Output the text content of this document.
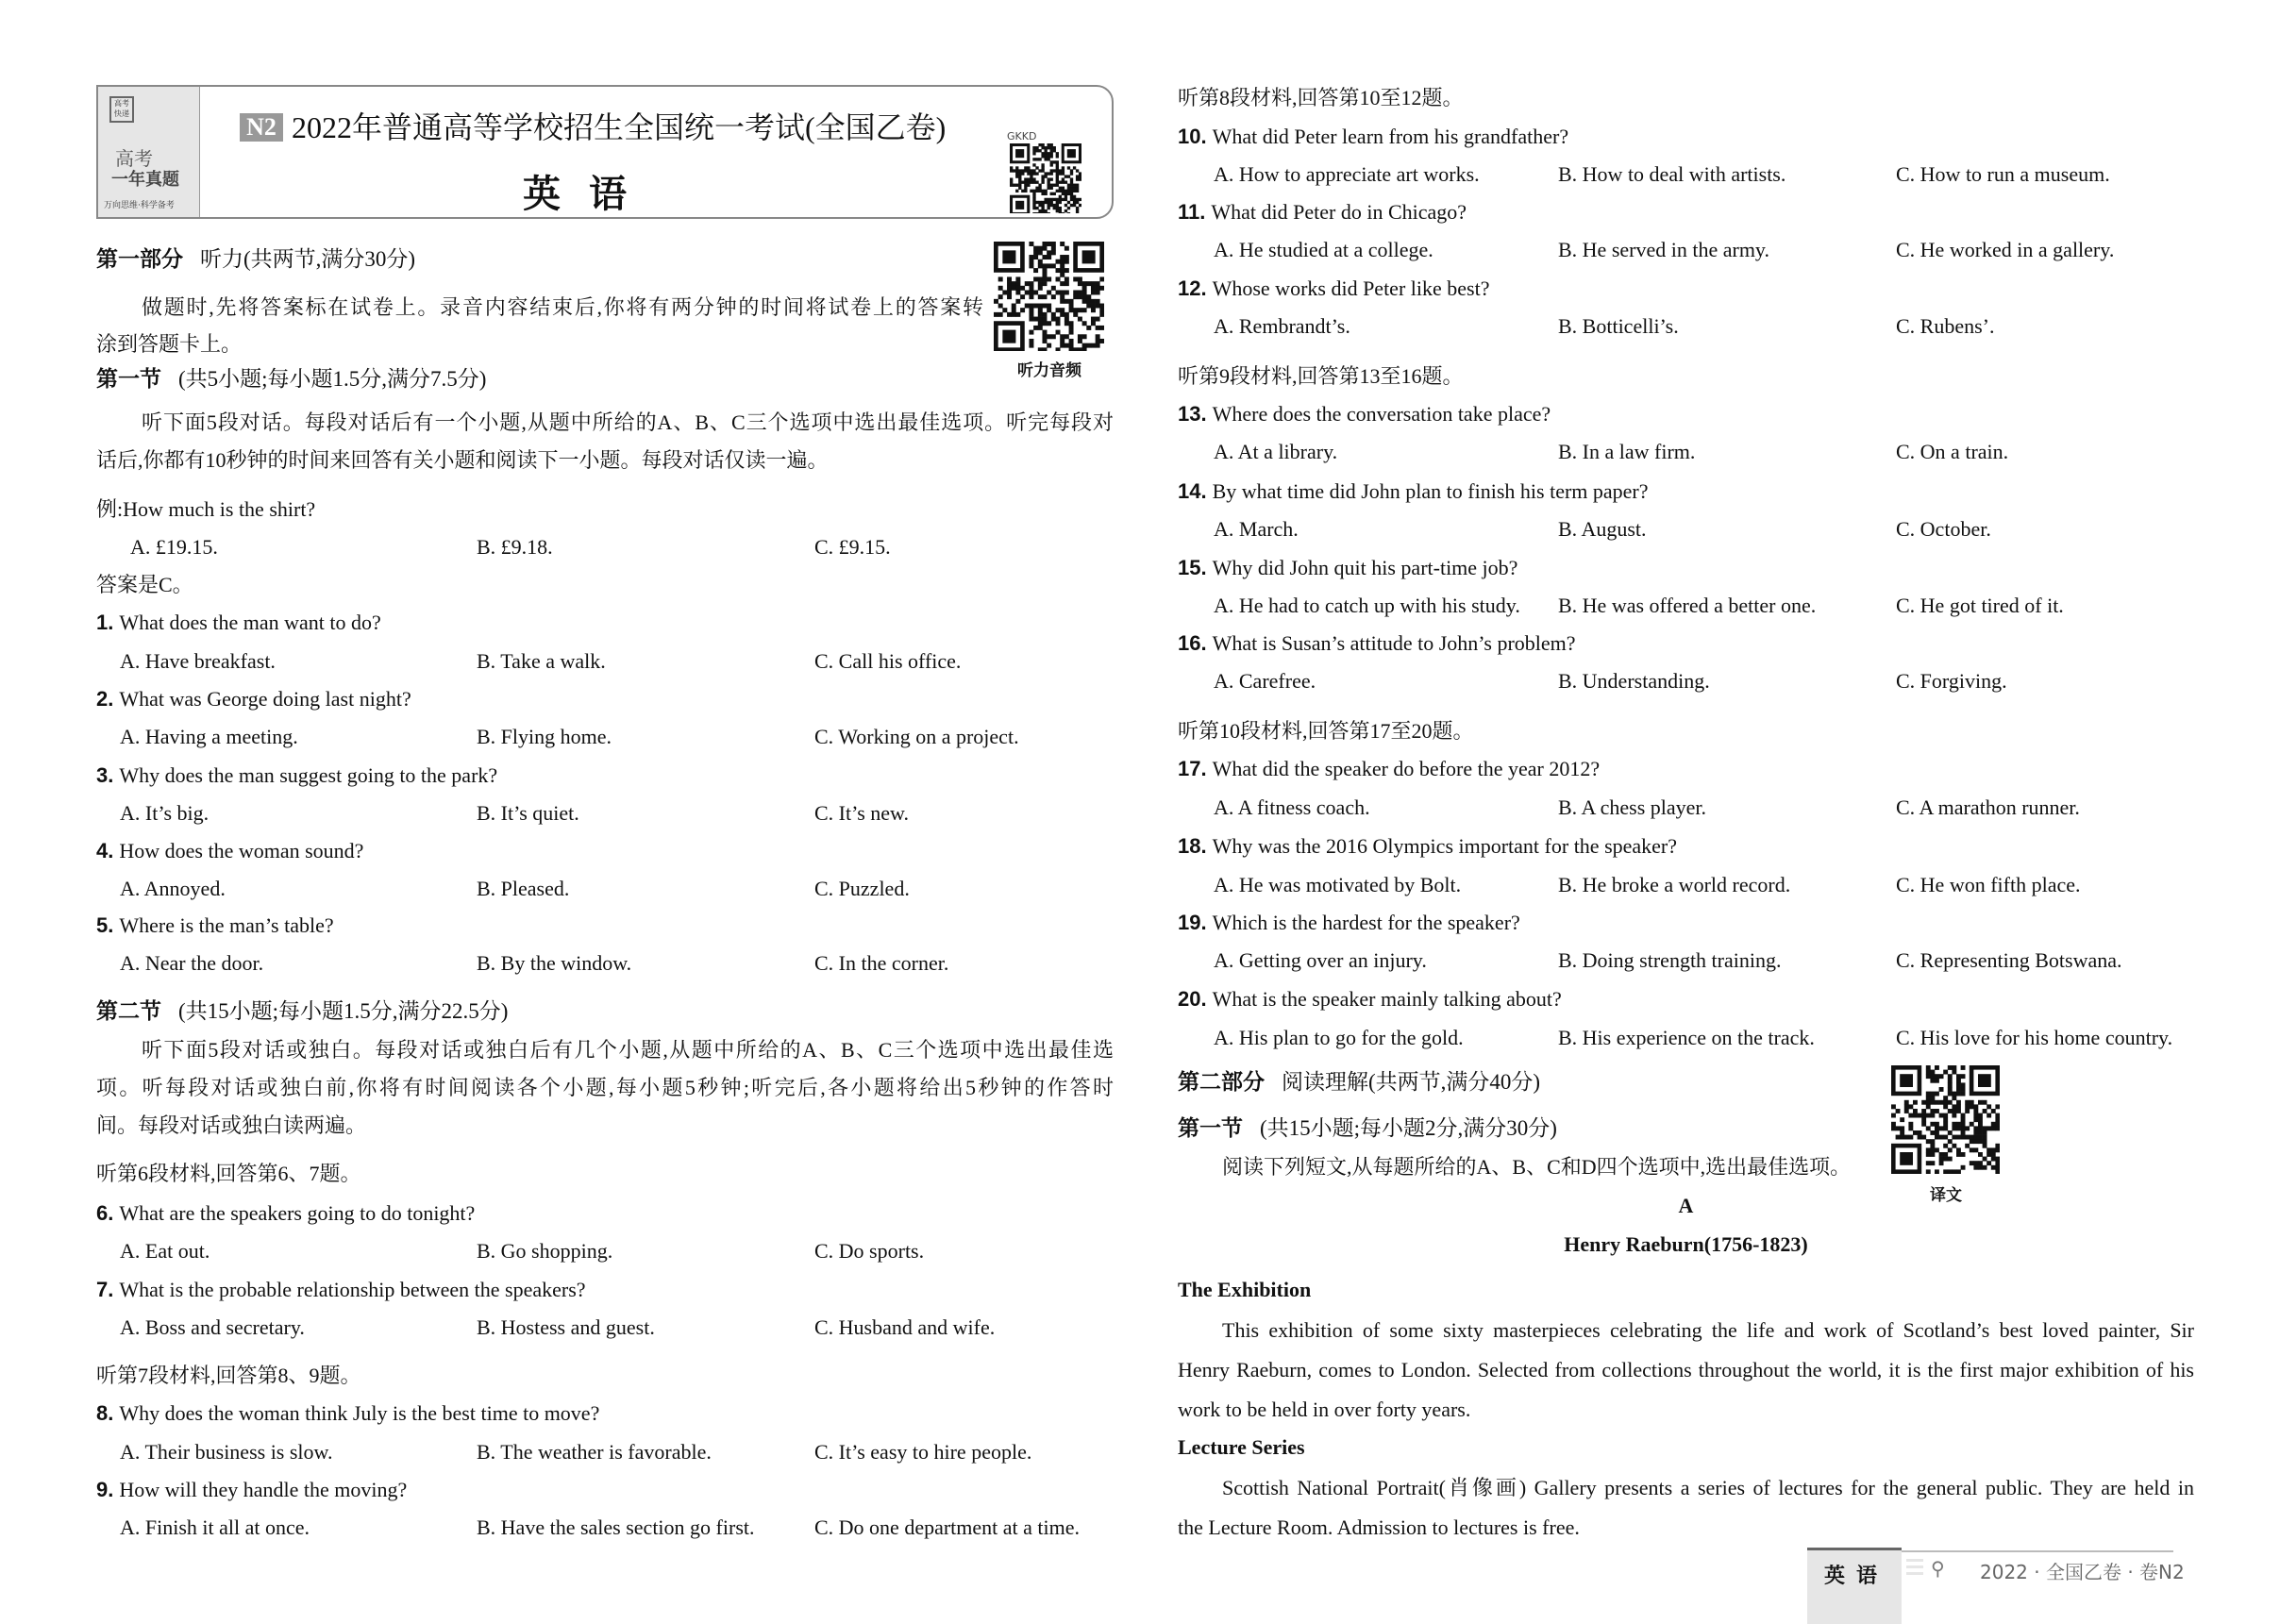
高考快递
高考
一年真题
万向思维·科学备考
N2 2022年普通高等学校招生全国统一考试(全国乙卷)
英语
GKKD
听力音频
译文
第一部分 听力(共两节,满分30分)
做题时,先将答案标在试卷上。录音内容结束后,你将有两分钟的时间将试卷上的答案转
涂到答题卡上。
第一节 (共5小题;每小题1.5分,满分7.5分)
听下面5段对话。每段对话后有一个小题,从题中所给的A、B、C三个选项中选出最佳选项。听完每段对
话后,你都有10秒钟的时间来回答有关小题和阅读下一小题。每段对话仅读一遍。
例:How much is the shirt?
A. £19.15.	B. £9.18.	C. £9.15.
答案是C。
1. What does the man want to do?
A. Have breakfast.	B. Take a walk.	C. Call his office.
2. What was George doing last night?
A. Having a meeting.	B. Flying home.	C. Working on a project.
3. Why does the man suggest going to the park?
A. It’s big.	B. It’s quiet.	C. It’s new.
4. How does the woman sound?
A. Annoyed.	B. Pleased.	C. Puzzled.
5. Where is the man’s table?
A. Near the door.	B. By the window.	C. In the corner.
第二节 (共15小题;每小题1.5分,满分22.5分)
听下面5段对话或独白。每段对话或独白后有几个小题,从题中所给的A、B、C三个选项中选出最佳选
项。听每段对话或独白前,你将有时间阅读各个小题,每小题5秒钟;听完后,各小题将给出5秒钟的作答时
间。每段对话或独白读两遍。
听第6段材料,回答第6、7题。
6. What are the speakers going to do tonight?
A. Eat out.	B. Go shopping.	C. Do sports.
7. What is the probable relationship between the speakers?
A. Boss and secretary.	B. Hostess and guest.	C. Husband and wife.
听第7段材料,回答第8、9题。
8. Why does the woman think July is the best time to move?
A. Their business is slow.	B. The weather is favorable.	C. It’s easy to hire people.
9. How will they handle the moving?
A. Finish it all at once.	B. Have the sales section go first.	C. Do one department at a time.
听第8段材料,回答第10至12题。
10. What did Peter learn from his grandfather?
A. How to appreciate art works.	B. How to deal with artists.	C. How to run a museum.
11. What did Peter do in Chicago?
A. He studied at a college.	B. He served in the army.	C. He worked in a gallery.
12. Whose works did Peter like best?
A. Rembrandt’s.	B. Botticelli’s.	C. Rubens’.
听第9段材料,回答第13至16题。
13. Where does the conversation take place?
A. At a library.	B. In a law firm.	C. On a train.
14. By what time did John plan to finish his term paper?
A. March.	B. August.	C. October.
15. Why did John quit his part-time job?
A. He had to catch up with his study. B. He was offered a better one.	C. He got tired of it.
16. What is Susan’s attitude to John’s problem?
A. Carefree.	B. Understanding.	C. Forgiving.
听第10段材料,回答第17至20题。
17. What did the speaker do before the year 2012?
A. A fitness coach.	B. A chess player.	C. A marathon runner.
18. Why was the 2016 Olympics important for the speaker?
A. He was motivated by Bolt.	B. He broke a world record.	C. He won fifth place.
19. Which is the hardest for the speaker?
A. Getting over an injury.	B. Doing strength training.	C. Representing Botswana.
20. What is the speaker mainly talking about?
A. His plan to go for the gold.	B. His experience on the track.	C. His love for his home country.
第二部分 阅读理解(共两节,满分40分)
第一节 (共15小题;每小题2分,满分30分)
阅读下列短文,从每题所给的A、B、C和D四个选项中,选出最佳选项。
A
Henry Raeburn(1756-1823)
The Exhibition
This exhibition of some sixty masterpieces celebrating the life and work of Scotland’s best loved painter, Sir
Henry Raeburn, comes to London. Selected from collections throughout the world, it is the first major exhibition of his
work to be held in over forty years.
Lecture Series
Scottish National Portrait(肖像画) Gallery presents a series of lectures for the general public. They are held in
the Lecture Room. Admission to lectures is free.
英语 ⚲ 2022 · 全国乙卷 · 卷N2
